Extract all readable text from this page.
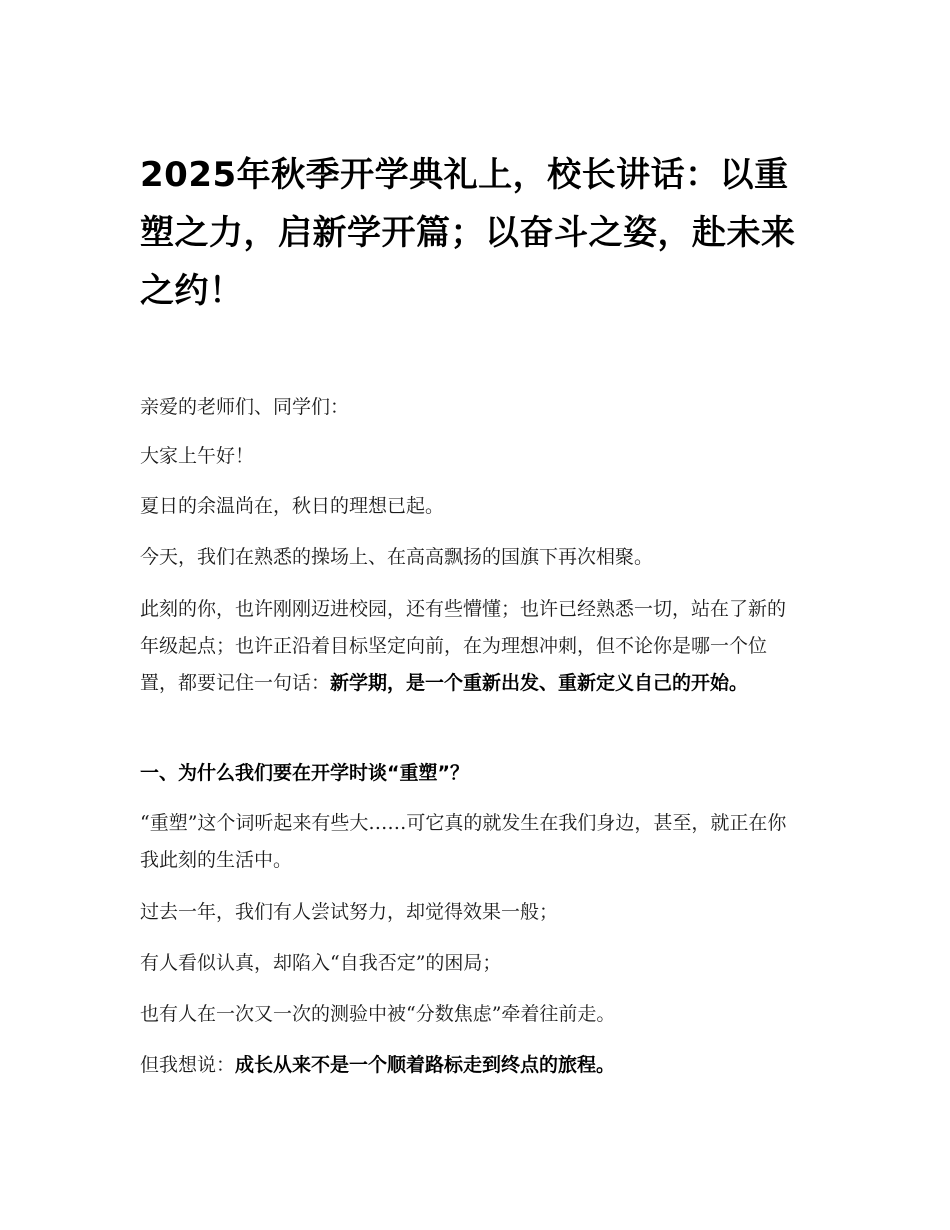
2025年秋季开学典礼上，校长讲话：以重塑之力，启新学开篇；以奋斗之姿，赴未来之约！

亲爱的老师们、同学们：

大家上午好！

夏日的余温尚在，秋日的理想已起。

今天，我们在熟悉的操场上、在高高飘扬的国旗下再次相聚。

此刻的你，也许刚刚迈进校园，还有些懵懂；也许已经熟悉一切，站在了新的年级起点；也许正沿着目标坚定向前，在为理想冲刺，但不论你是哪一个位置，都要记住一句话：新学期，是一个重新出发、重新定义自己的开始。

一、为什么我们要在开学时谈“重塑”？

“重塑”这个词听起来有些大……可它真的就发生在我们身边，甚至，就正在你我此刻的生活中。

过去一年，我们有人尝试努力，却觉得效果一般；

有人看似认真，却陷入“自我否定”的困局；

也有人在一次又一次的测验中被“分数焦虑”牵着往前走。

但我想说：成长从来不是一个顺着路标走到终点的旅程。
